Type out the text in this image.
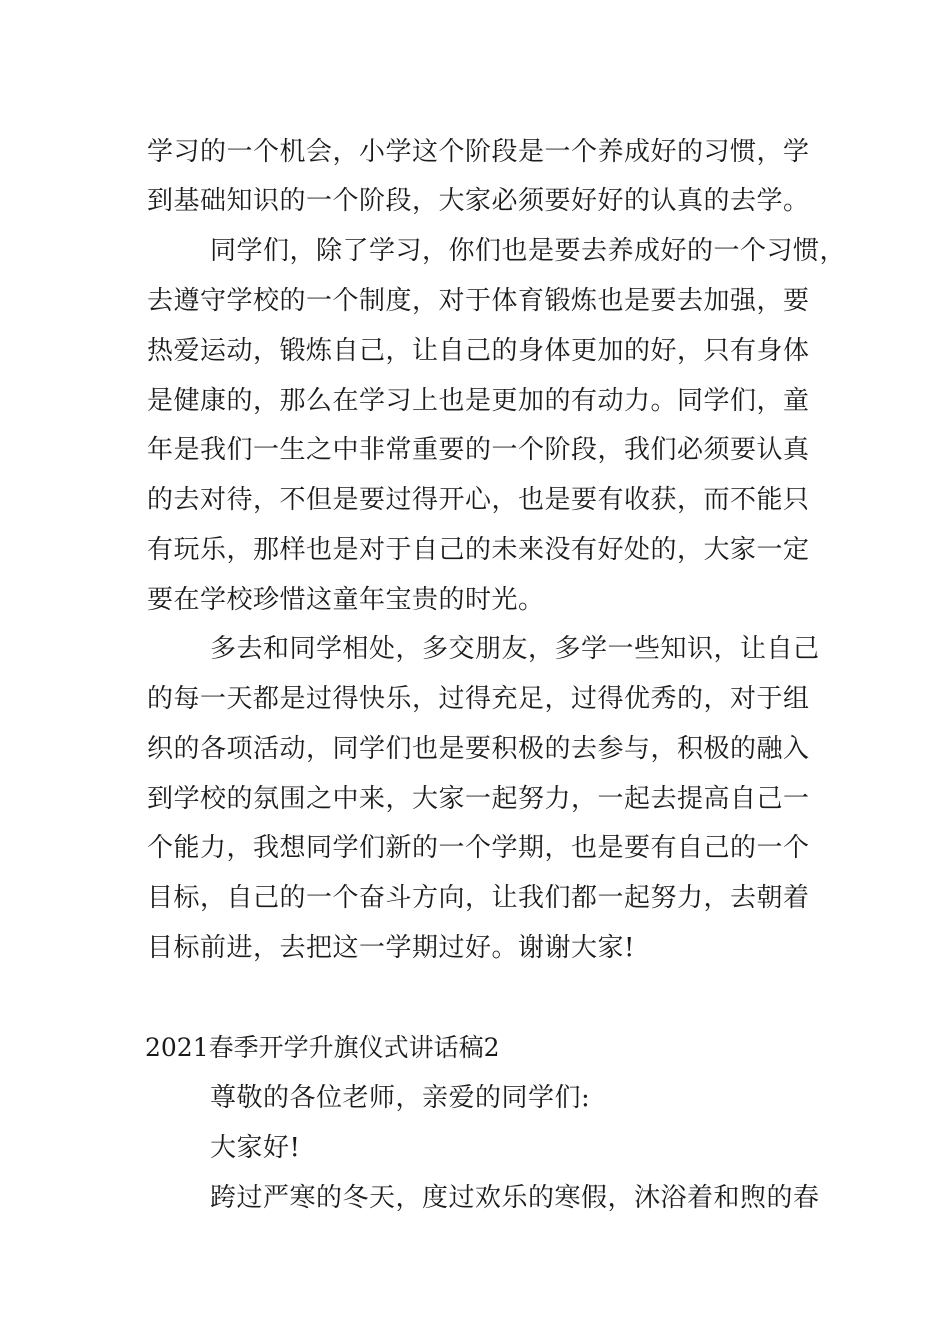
学习的一个机会，小学这个阶段是一个养成好的习惯，学
到基础知识的一个阶段，大家必须要好好的认真的去学。
同学们，除了学习，你们也是要去养成好的一个习惯，
去遵守学校的一个制度，对于体育锻炼也是要去加强，要
热爱运动，锻炼自己，让自己的身体更加的好，只有身体
是健康的，那么在学习上也是更加的有动力。同学们，童
年是我们一生之中非常重要的一个阶段，我们必须要认真
的去对待，不但是要过得开心，也是要有收获，而不能只
有玩乐，那样也是对于自己的未来没有好处的，大家一定
要在学校珍惜这童年宝贵的时光。
多去和同学相处，多交朋友，多学一些知识，让自己
的每一天都是过得快乐，过得充足，过得优秀的，对于组
织的各项活动，同学们也是要积极的去参与，积极的融入
到学校的氛围之中来，大家一起努力，一起去提高自己一
个能力，我想同学们新的一个学期，也是要有自己的一个
目标，自己的一个奋斗方向，让我们都一起努力，去朝着
目标前进，去把这一学期过好。谢谢大家!
2021春季开学升旗仪式讲话稿2
尊敬的各位老师，亲爱的同学们:
大家好!
跨过严寒的冬天，度过欢乐的寒假，沐浴着和煦的春
